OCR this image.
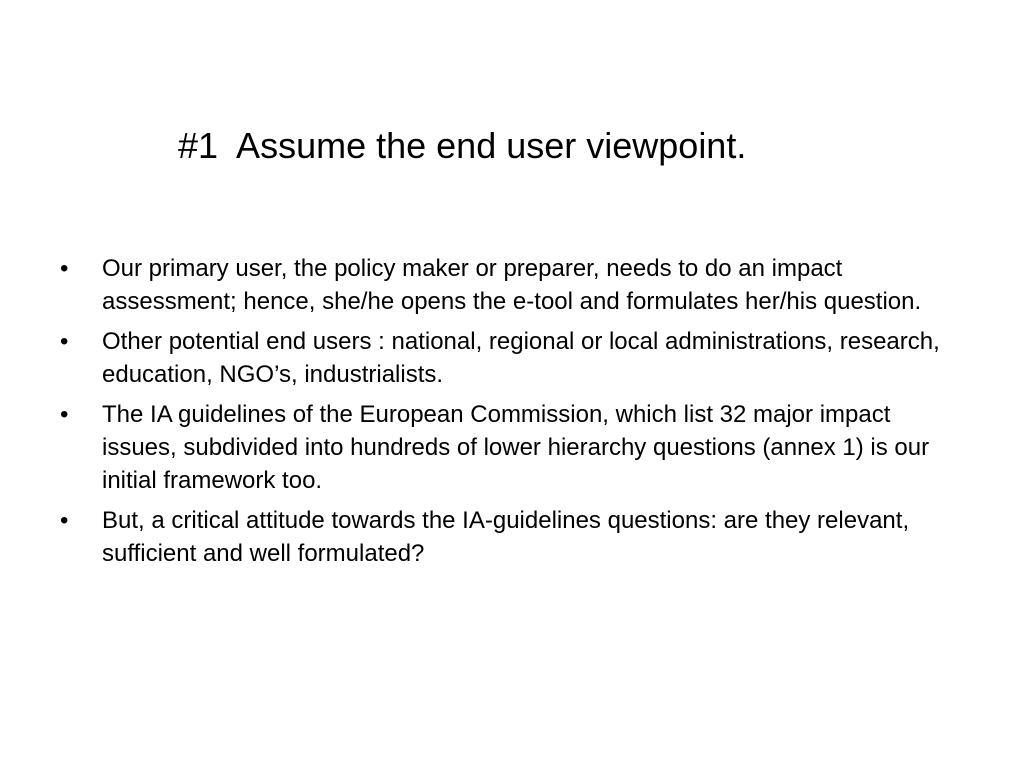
#1  Assume the end user viewpoint.
•	Our primary user, the policy maker or preparer, needs to do an impact assessment; hence, she/he opens the e-tool and formulates her/his question.
•	Other potential end users : national, regional or local administrations, research, education, NGO’s, industrialists.
•	The IA guidelines of the European Commission, which list 32 major impact issues, subdivided into hundreds of lower hierarchy questions (annex 1) is our initial framework too.
•	But, a critical attitude towards the IA-guidelines questions: are they relevant, sufficient and well formulated?
